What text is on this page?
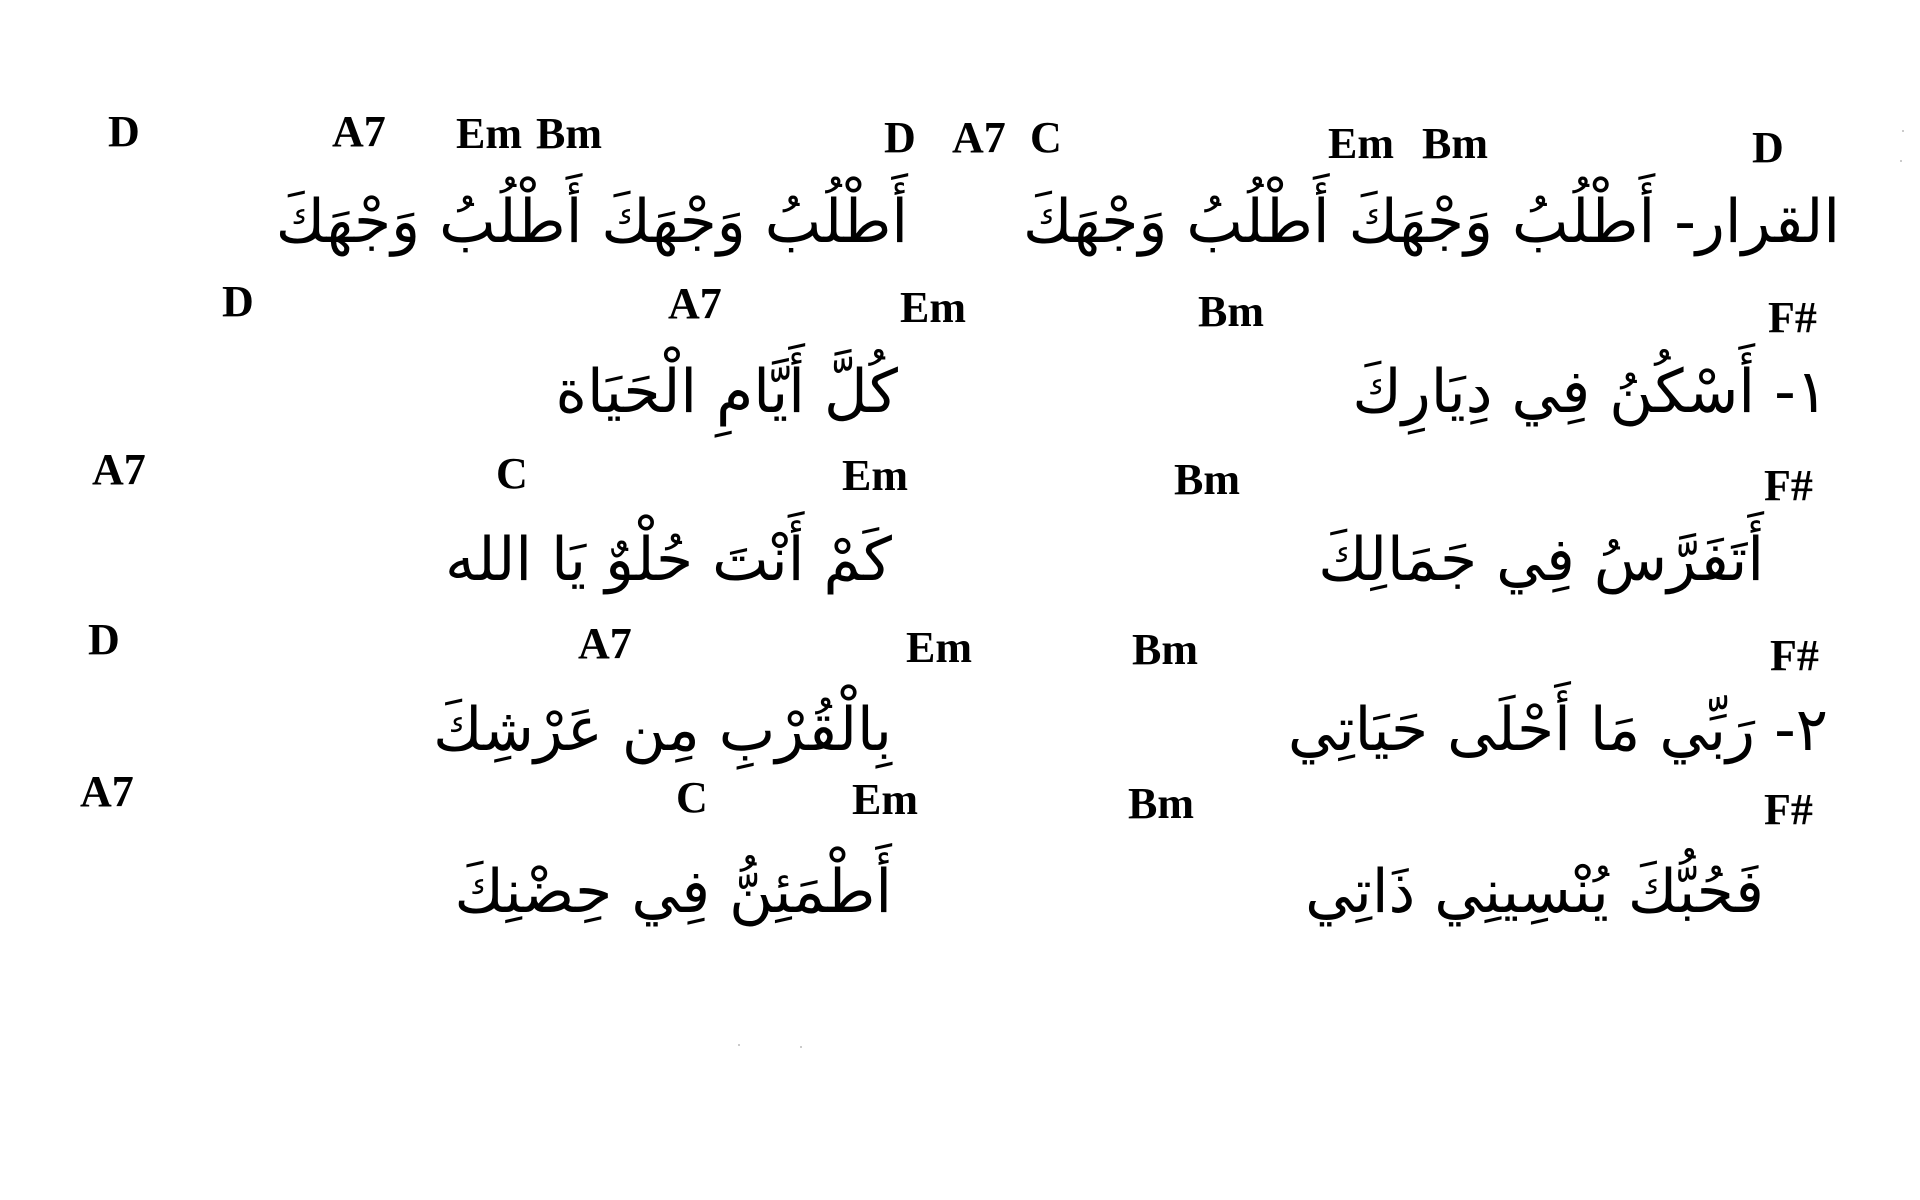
D	A7 Em Bm	D A7 C	Em Bm	D
القرار- أَطْلُبُ وَجْهَكَ أَطْلُبُ وَجْهَكَ
أَطْلُبُ وَجْهَكَ أَطْلُبُ وَجْهَكَ
D	A7	Em	Bm	F#
١- أَسْكُنُ فِي دِيَارِكَ
كُلَّ أَيَّامِ الْحَيَاة
A7	C	Em	Bm	F#
أَتَفَرَّسُ فِي جَمَالِكَ
كَمْ أَنْتَ حُلْوٌ يَا الله
D	A7	Em	Bm	F#
٢- رَبِّي مَا أَحْلَى حَيَاتِي
بِالْقُرْبِ مِن عَرْشِكَ
A7	C	Em	Bm	F#
فَحُبُّكَ يُنْسِينِي ذَاتِي
أَطْمَئِنُّ فِي حِضْنِكَ
